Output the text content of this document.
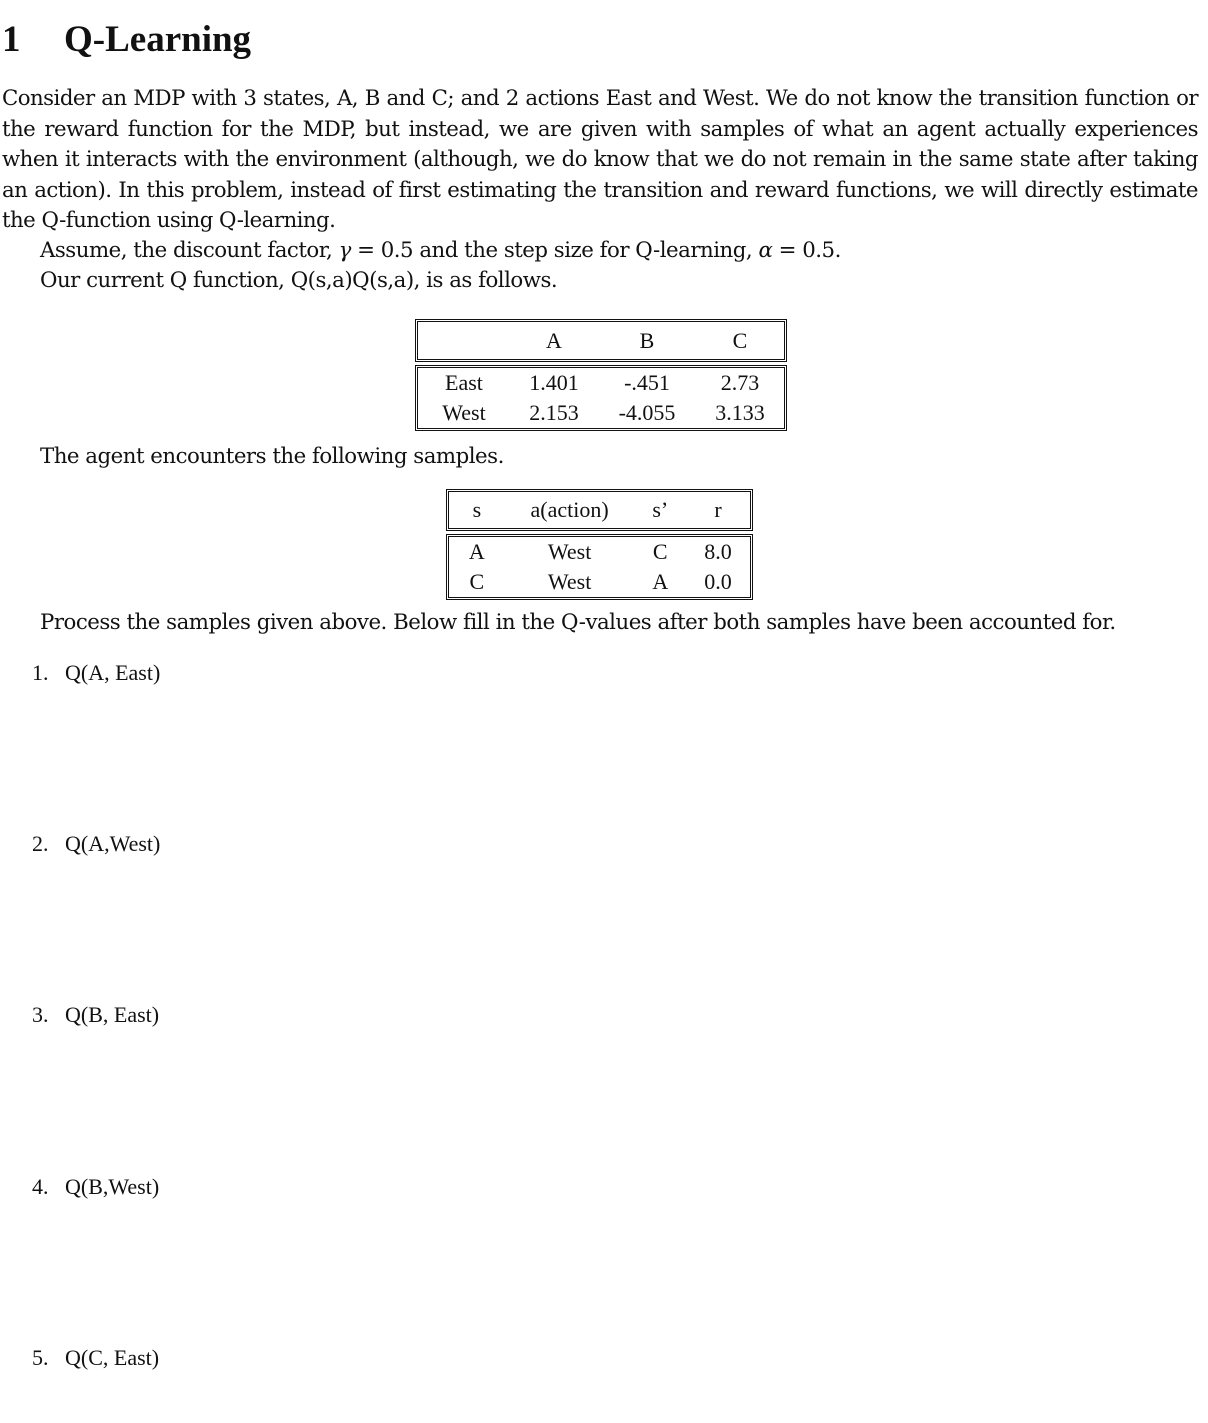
1 Q-Learning

Consider an MDP with 3 states, A, B and C; and 2 actions East and West. We do not know the transition function or the reward function for the MDP, but instead, we are given with samples of what an agent actually experiences when it interacts with the environment (although, we do know that we do not remain in the same state after taking an action). In this problem, instead of first estimating the transition and reward functions, we will directly estimate the Q-function using Q-learning.

Assume, the discount factor, γ = 0.5 and the step size for Q-learning, α = 0.5.
Our current Q function, Q(s,a)Q(s,a), is as follows.
	A	B	C

East	1.401	-.451	2.73
West	2.153	-4.055	3.133
The agent encounters the following samples.
s	a(action)	s’	r

A	West	C	8.0
C	West	A	0.0
Process the samples given above. Below fill in the Q-values after both samples have been accounted for.
1. Q(A, East)
2. Q(A,West)
3. Q(B, East)
4. Q(B,West)
5. Q(C, East)
